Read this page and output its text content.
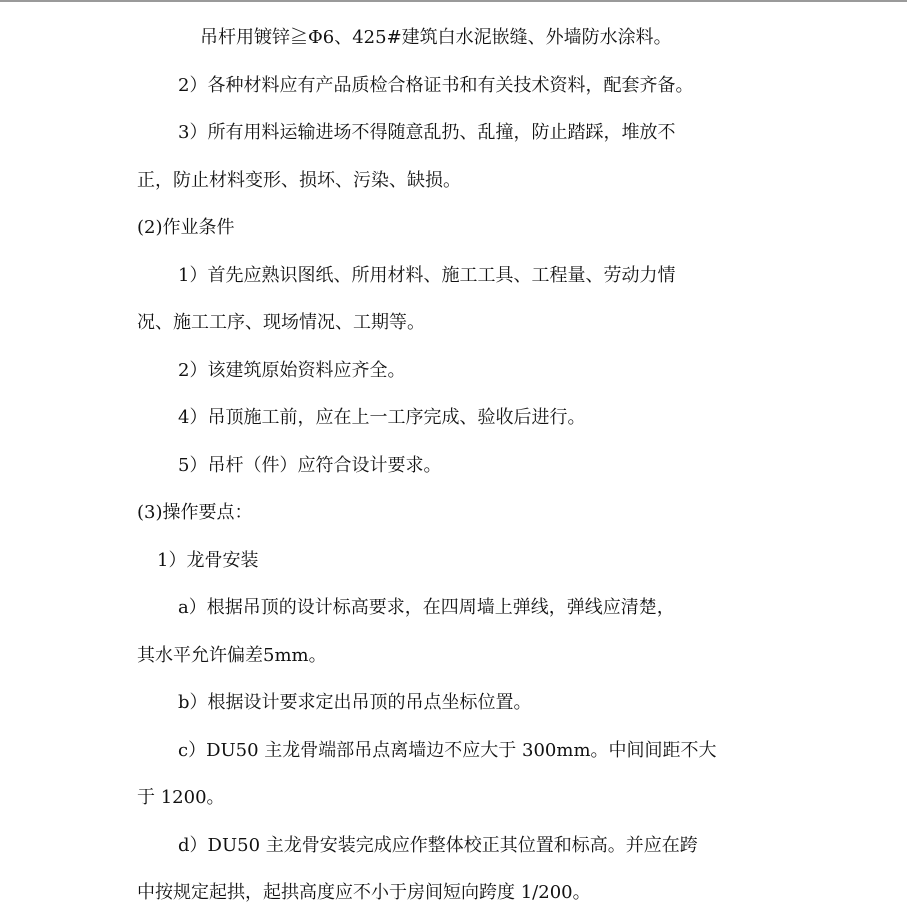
吊杆用镀锌≧Φ6、425#建筑白水泥嵌缝、外墙防水涂料。
2）各种材料应有产品质检合格证书和有关技术资料，配套齐备。
3）所有用料运输进场不得随意乱扔、乱撞，防止踏踩，堆放不
正，防止材料变形、损坏、污染、缺损。
(2)作业条件
1）首先应熟识图纸、所用材料、施工工具、工程量、劳动力情
况、施工工序、现场情况、工期等。
2）该建筑原始资料应齐全。
4）吊顶施工前，应在上一工序完成、验收后进行。
5）吊杆（件）应符合设计要求。
(3)操作要点：
1）龙骨安装
a）根据吊顶的设计标高要求，在四周墙上弹线，弹线应清楚，
其水平允许偏差5mm。
b）根据设计要求定出吊顶的吊点坐标位置。
c）DU50 主龙骨端部吊点离墙边不应大于 300mm。中间间距不大
于 1200。
d）DU50 主龙骨安装完成应作整体校正其位置和标高。并应在跨
中按规定起拱，起拱高度应不小于房间短向跨度 1/200。
